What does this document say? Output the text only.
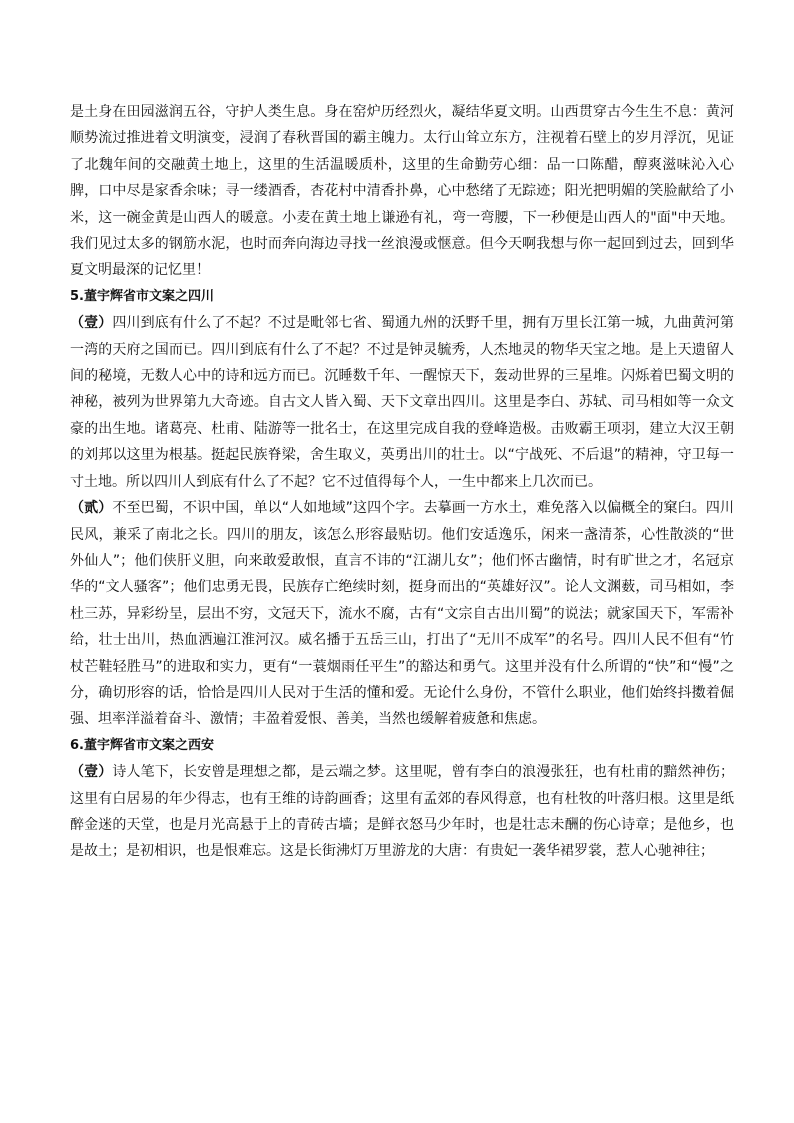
是土身在田园滋润五谷，守护人类生息。身在窑炉历经烈火，凝结华夏文明。山西贯穿古今生生不息：黄河顺势流过推进着文明演变，浸润了春秋晋国的霸主魄力。太行山耸立东方，注视着石壁上的岁月浮沉，见证了北魏年间的交融黄土地上，这里的生活温暖质朴，这里的生命勤劳心细：品一口陈醋，醇爽滋味沁入心脾，口中尽是家香余味；寻一缕酒香，杏花村中清香扑鼻，心中愁绪了无踪迹；阳光把明媚的笑脸献给了小米，这一碗金黄是山西人的暖意。小麦在黄土地上谦逊有礼，弯一弯腰，下一秒便是山西人的"面"中天地。我们见过太多的钢筋水泥，也时而奔向海边寻找一丝浪漫或惬意。但今天啊我想与你一起回到过去，回到华夏文明最深的记忆里！

5.董宇辉省市文案之四川

（壹）四川到底有什么了不起？不过是毗邻七省、蜀通九州的沃野千里，拥有万里长江第一城，九曲黄河第一湾的天府之国而已。四川到底有什么了不起？不过是钟灵毓秀，人杰地灵的物华天宝之地。是上天遗留人间的秘境，无数人心中的诗和远方而已。沉睡数千年、一醒惊天下，轰动世界的三星堆。闪烁着巴蜀文明的神秘，被列为世界第九大奇迹。自古文人皆入蜀、天下文章出四川。这里是李白、苏轼、司马相如等一众文豪的出生地。诸葛亮、杜甫、陆游等一批名士，在这里完成自我的登峰造极。击败霸王项羽，建立大汉王朝的刘邦以这里为根基。挺起民族脊梁，舍生取义，英勇出川的壮士。以“宁战死、不后退”的精神，守卫每一寸土地。所以四川人到底有什么了不起？它不过值得每个人，一生中都来上几次而已。

（贰）不至巴蜀，不识中国，单以“人如地域”这四个字。去摹画一方水土，难免落入以偏概全的窠臼。四川民风，兼采了南北之长。四川的朋友，该怎么形容最贴切。他们安适逸乐，闲来一盏清茶，心性散淡的“世外仙人”；他们侠肝义胆，向来敢爱敢恨，直言不讳的“江湖儿女”；他们怀古幽情，时有旷世之才，名冠京华的“文人骚客”；他们忠勇无畏，民族存亡绝续时刻，挺身而出的“英雄好汉”。论人文渊薮，司马相如，李杜三苏，异彩纷呈，层出不穷，文冠天下，流水不腐，古有“文宗自古出川蜀”的说法；就家国天下，军需补给，壮士出川，热血洒遍江淮河汉。威名播于五岳三山，打出了“无川不成军”的名号。四川人民不但有“竹杖芒鞋轻胜马”的进取和实力，更有“一蓑烟雨任平生”的豁达和勇气。这里并没有什么所谓的“快”和“慢”之分，确切形容的话，恰恰是四川人民对于生活的懂和爱。无论什么身份，不管什么职业，他们始终抖擞着倔强、坦率洋溢着奋斗、激情；丰盈着爱恨、善美，当然也缓解着疲惫和焦虑。

6.董宇辉省市文案之西安

（壹）诗人笔下，长安曾是理想之都，是云端之梦。这里呢，曾有李白的浪漫张狂，也有杜甫的黯然神伤；这里有白居易的年少得志，也有王维的诗韵画香；这里有孟郊的春风得意，也有杜牧的叶落归根。这里是纸醉金迷的天堂，也是月光高悬于上的青砖古墙；是鲜衣怒马少年时，也是壮志未酬的伤心诗章；是他乡，也是故土；是初相识，也是恨难忘。这是长街沸灯万里游龙的大唐：有贵妃一袭华裙罗裳，惹人心驰神往；
